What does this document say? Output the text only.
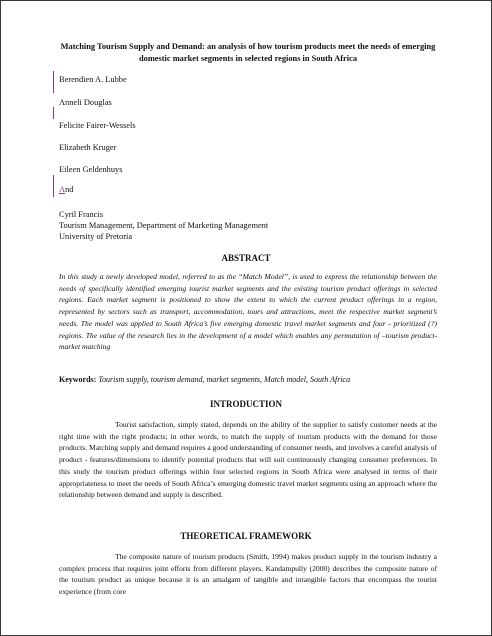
Matching Tourism Supply and Demand: an analysis of how tourism products meet the needs of emerging domestic market segments in selected regions in South Africa
Berendien A. Lubbe
Anneli Douglas
Felicite Fairer-Wessels
Elizabeth Kruger
Eileen Geldenhuys
And
Cyril Francis
Tourism Management, Department of Marketing Management
University of Pretoria
ABSTRACT
In this study a newly developed model, referred to as the “Match Model”, is used to express the relationship between the needs of specifically identified emerging tourist market segments and the existing tourism product offerings in selected regions. Each market segment is positioned to show the extent to which the current product offerings in a region, represented by sectors such as transport, accommodation, tours and attractions, meet the respective market segment’s needs. The model was applied to South Africa’s five emerging domestic travel market segments and four - prioritized (?) regions. The value of the research lies in the development of a model which enables any permutation of –tourism product-market matching
Keywords: Tourism supply, tourism demand, market segments, Match model, South Africa
INTRODUCTION
Tourist satisfaction, simply stated, depends on the ability of the supplier to satisfy customer needs at the right time with the right products; in other words, to match the supply of tourism products with the demand for those products. Matching supply and demand requires a good understanding of consumer needs, and involves a careful analysis of product - features/dimensions to identify potential products that will suit continuously changing consumer preferences. In this study the tourism product offerings within four selected regions in South Africa were analysed in terms of their appropriateness to meet the needs of South Africa’s emerging domestic travel market segments using an approach where the relationship between demand and supply is described.
THEORETICAL FRAMEWORK
The composite nature of tourism products (Smith, 1994) makes product supply in the tourism industry a complex process that requires joint efforts from different players. Kandampully (2000) describes the composite nature of the tourism product as unique because it is an amalgam of tangible and intangible factors that encompass the tourist experience (from core
